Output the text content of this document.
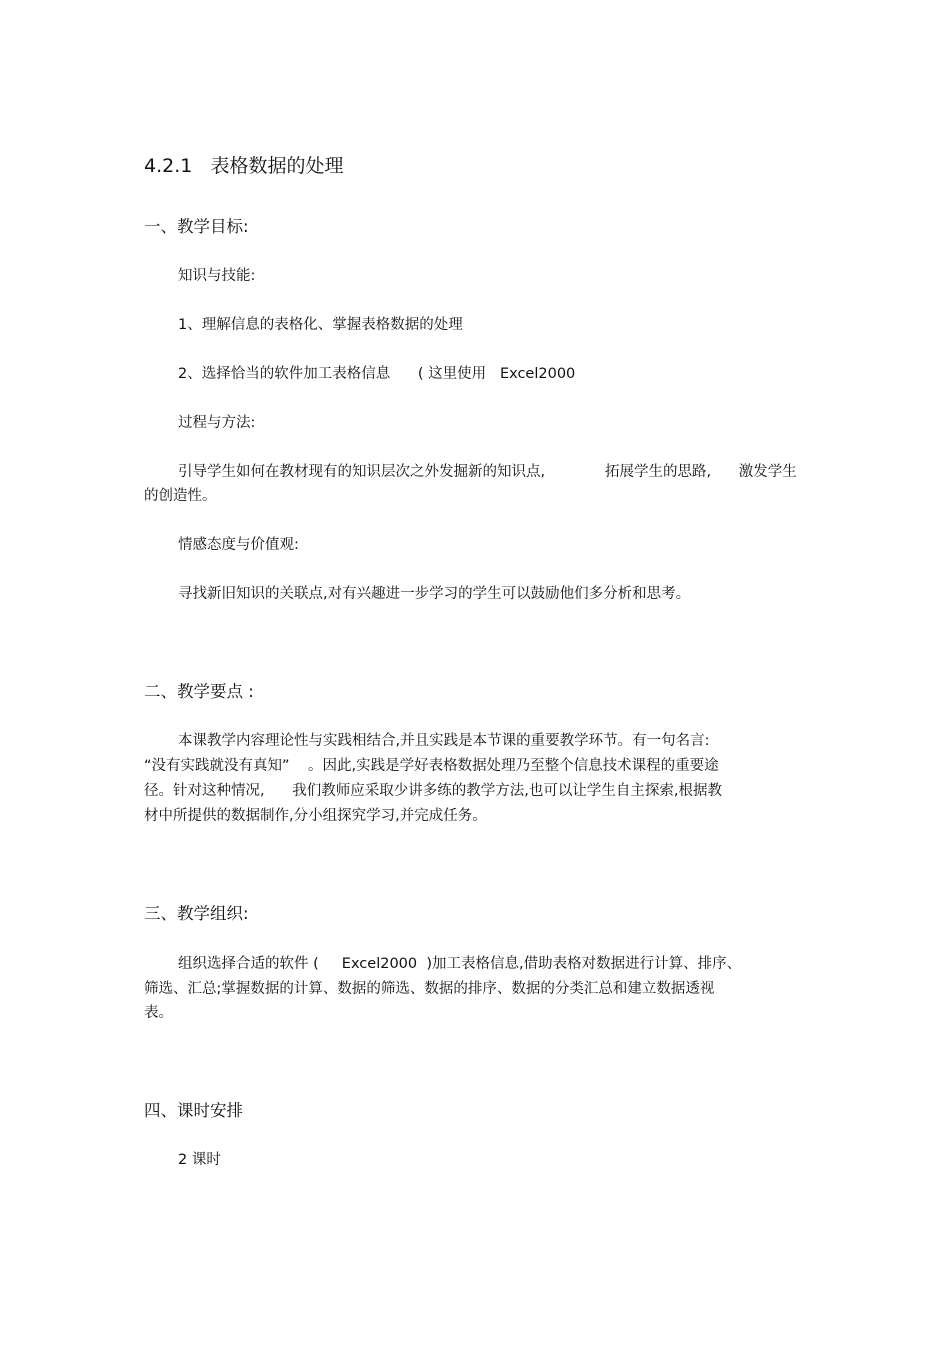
4.2.1   表格数据的处理
一、教学目标:
知识与技能:
1、理解信息的表格化、掌握表格数据的处理
2、选择恰当的软件加工表格信息      ( 这里使用   Excel2000
过程与方法:
引导学生如何在教材现有的知识层次之外发掘新的知识点,             拓展学生的思路,      激发学生
的创造性。
情感态度与价值观:
寻找新旧知识的关联点,对有兴趣进一步学习的学生可以鼓励他们多分析和思考。
二、教学要点 :
本课教学内容理论性与实践相结合,并且实践是本节课的重要教学环节。有一句名言:
“没有实践就没有真知”    。因此,实践是学好表格数据处理乃至整个信息技术课程的重要途
径。针对这种情况,      我们教师应采取少讲多练的教学方法,也可以让学生自主探索,根据教
材中所提供的数据制作,分小组探究学习,并完成任务。
三、教学组织:
组织选择合适的软件 (     Excel2000  )加工表格信息,借助表格对数据进行计算、排序、
筛选、汇总;掌握数据的计算、数据的筛选、数据的排序、数据的分类汇总和建立数据透视
表。
四、课时安排
2 课时
